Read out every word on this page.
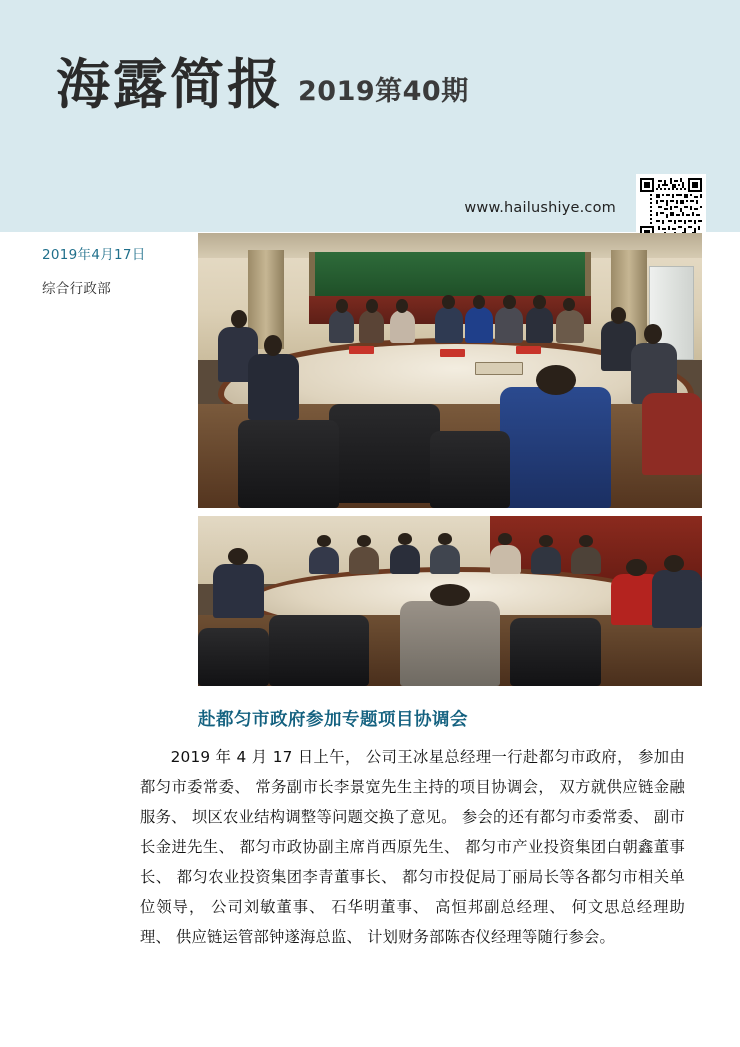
海露简报 2019第40期
www.hailushiye.com
2019年4月17日
综合行政部
赴都匀市政府参加专题项目协调会
2019 年 4 月 17 日上午， 公司王冰星总经理一行赴都匀市政府， 参加由都匀市委常委、 常务副市长李景宽先生主持的项目协调会， 双方就供应链金融服务、 坝区农业结构调整等问题交换了意见。 参会的还有都匀市委常委、 副市长金进先生、 都匀市政协副主席肖西原先生、 都匀市产业投资集团白朝鑫董事长、 都匀农业投资集团李青董事长、 都匀市投促局丁丽局长等各都匀市相关单位领导， 公司刘敏董事、 石华明董事、 高恒邦副总经理、 何文思总经理助理、 供应链运管部钟遂海总监、 计划财务部陈杏仪经理等随行参会。
